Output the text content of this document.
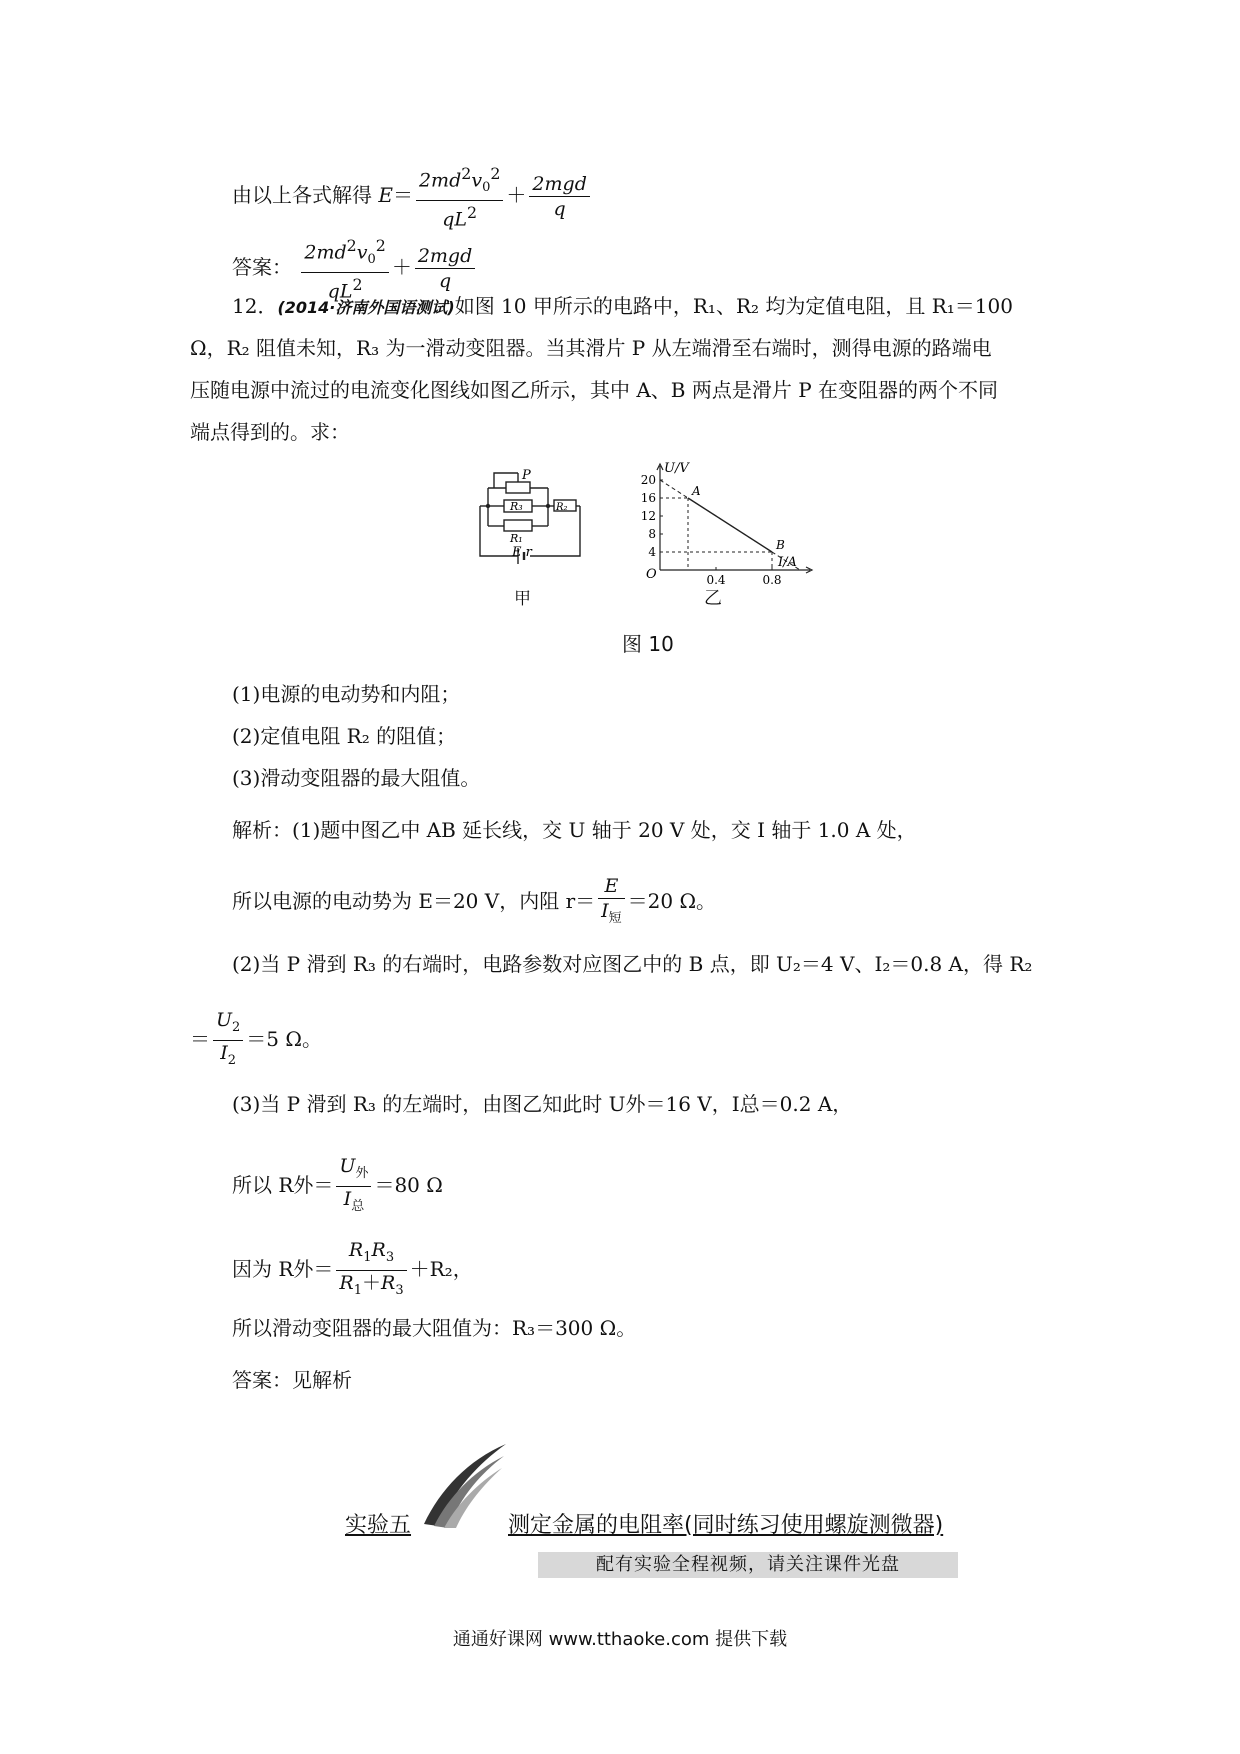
由以上各式解得 $E= \frac{2md^2v_0^2}{qL^2} + \frac{\text{2mgd}}{q}$
答案： $\frac{2md^2v_0^2}{qL^2} + \frac{\text{2mgd}}{q}$
12．(2014·济南外国语测试)如图 10 甲所示的电路中，R₁、R₂ 均为定值电阻，且 R₁＝100
Ω，R₂ 阻值未知，R₃ 为一滑动变阻器。当其滑片 P 从左端滑至右端时，测得电源的路端电
压随电源中流过的电流变化图线如图乙所示，其中 A、B 两点是滑片 P 在变阻器的两个不同
端点得到的。求：
P
R₃
R₁
R₂
E r
甲
4
8
12
16
20
0.4	0.8
A
B
U/V
I/A
O
乙
图 10
(1)电源的电动势和内阻；
(2)定值电阻 R₂ 的阻值；
(3)滑动变阻器的最大阻值。
解析：(1)题中图乙中 AB 延长线，交 U 轴于 20 V 处，交 I 轴于 1.0 A 处，
所以电源的电动势为 E＝20 V，内阻 $r= \frac{E}{I_短} =20$ Ω。
(2)当 P 滑到 R₃ 的右端时，电路参数对应图乙中的 B 点，即 U₂＝4 V、I₂＝0.8 A，得 R₂
＝ $\frac{U_2}{I_2} =5$ Ω。
(3)当 P 滑到 R₃ 的左端时，由图乙知此时 U外＝16 V，I总＝0.2 A，
所以 R外＝ $\frac{U_外}{I_总} =80$ Ω
因为 R外＝ $\frac{R_1R_3}{R_1+R_3} +R_2$，
所以滑动变阻器的最大阻值为：R₃＝300 Ω。
答案：见解析
实验五	测定金属的电阻率(同时练习使用螺旋测微器)
配有实验全程视频，请关注课件光盘
通通好课网 www.tthaoke.com 提供下载
